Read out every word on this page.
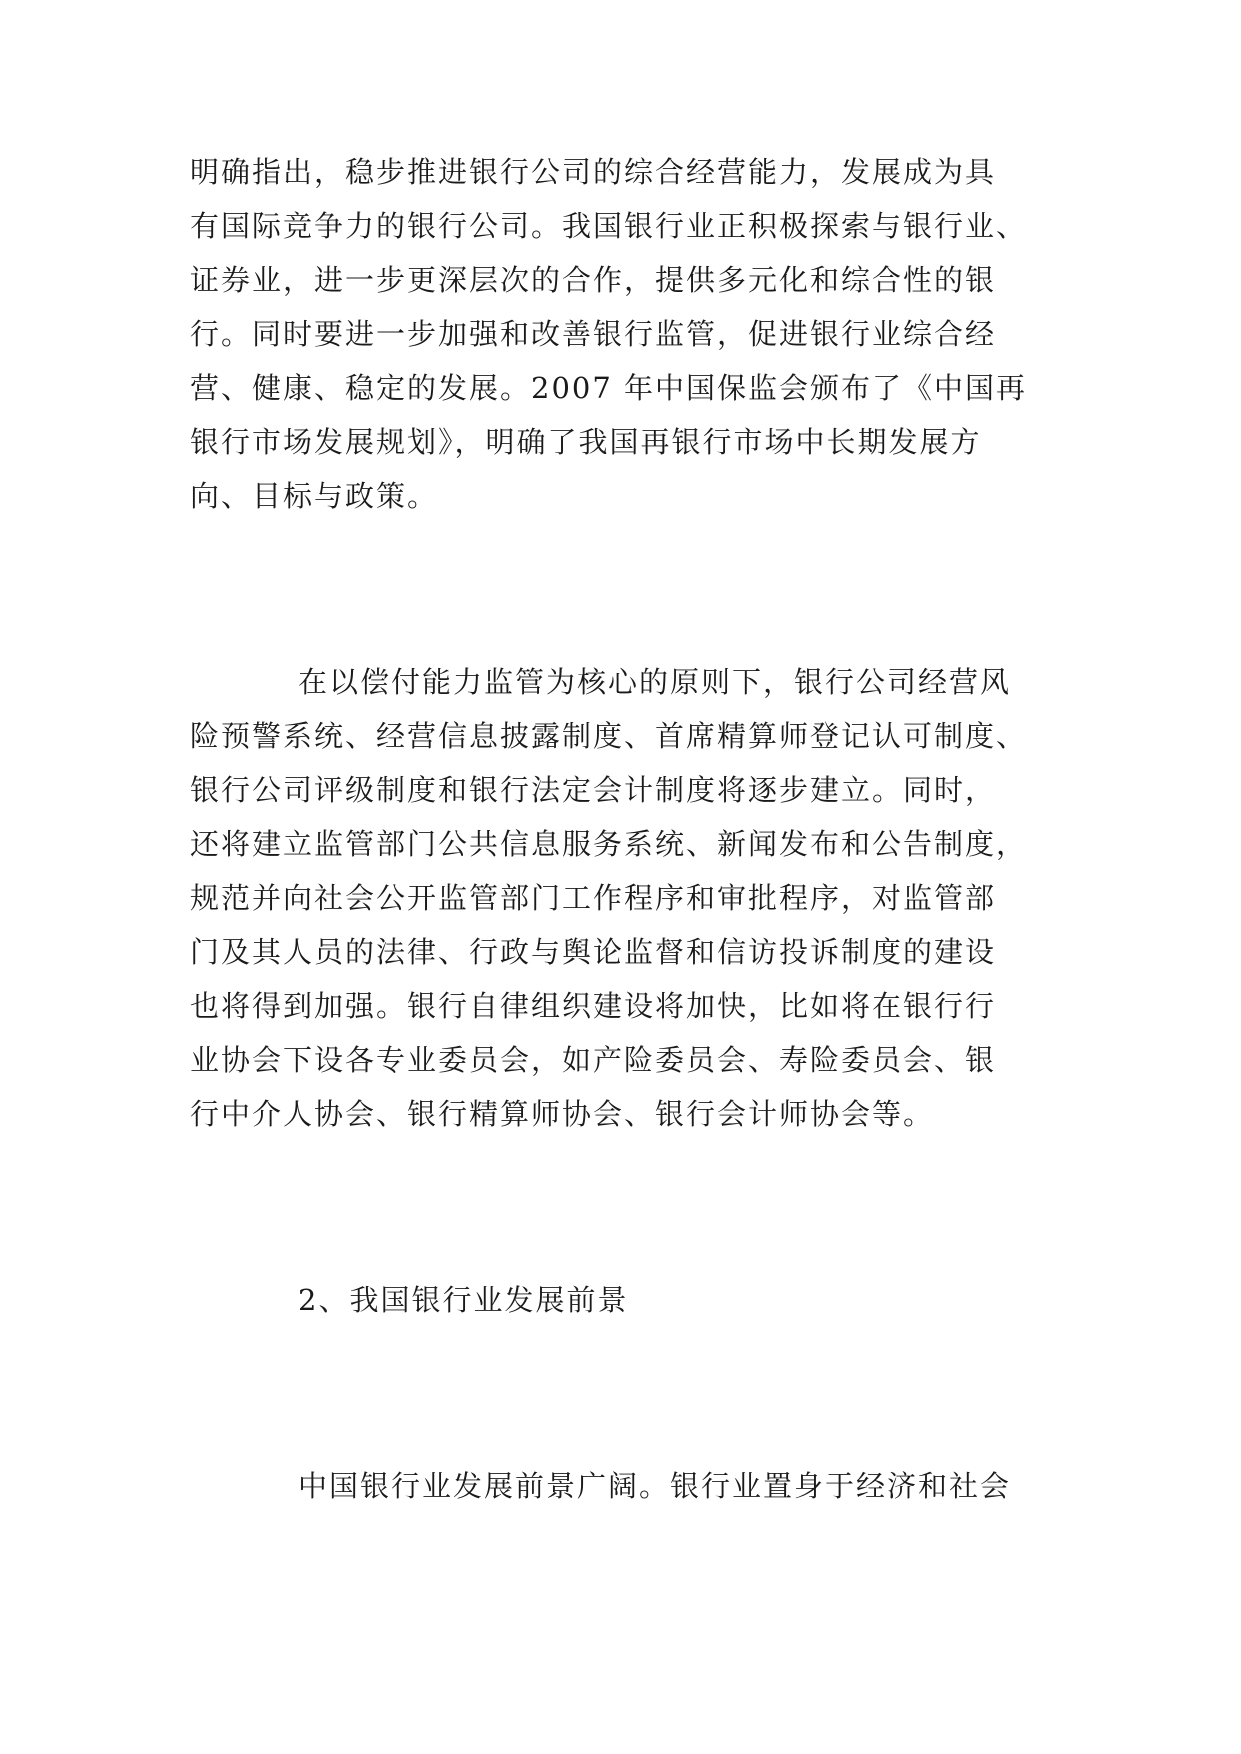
明确指出，稳步推进银行公司的综合经营能力，发展成为具
有国际竞争力的银行公司。我国银行业正积极探索与银行业、
证券业，进一步更深层次的合作，提供多元化和综合性的银
行。同时要进一步加强和改善银行监管，促进银行业综合经
营、健康、稳定的发展。2007 年中国保监会颁布了《中国再
银行市场发展规划》，明确了我国再银行市场中长期发展方
向、目标与政策。
在以偿付能力监管为核心的原则下，银行公司经营风
险预警系统、经营信息披露制度、首席精算师登记认可制度、
银行公司评级制度和银行法定会计制度将逐步建立。同时，
还将建立监管部门公共信息服务系统、新闻发布和公告制度，
规范并向社会公开监管部门工作程序和审批程序，对监管部
门及其人员的法律、行政与舆论监督和信访投诉制度的建设
也将得到加强。银行自律组织建设将加快，比如将在银行行
业协会下设各专业委员会，如产险委员会、寿险委员会、银
行中介人协会、银行精算师协会、银行会计师协会等。
2、我国银行业发展前景
中国银行业发展前景广阔。银行业置身于经济和社会
